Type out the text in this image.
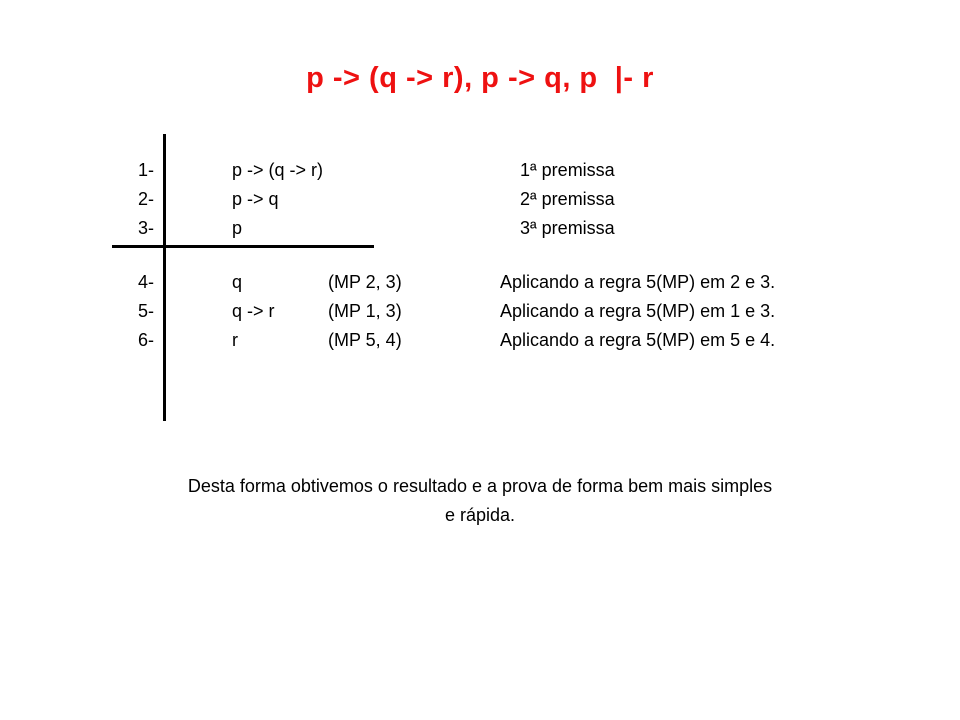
p -> (q -> r), p -> q, p  |- r
1-	p -> (q -> r)	1ª premissa
2-	p -> q	2ª premissa
3-	p	3ª premissa
4-	q	(MP 2, 3)	Aplicando a regra 5(MP) em 2 e 3.
5-	q -> r	(MP 1, 3)	Aplicando a regra 5(MP) em 1 e 3.
6-	r	(MP 5, 4)	Aplicando a regra 5(MP) em 5 e 4.
Desta forma obtivemos o resultado e a prova de forma bem mais simples
e rápida.
